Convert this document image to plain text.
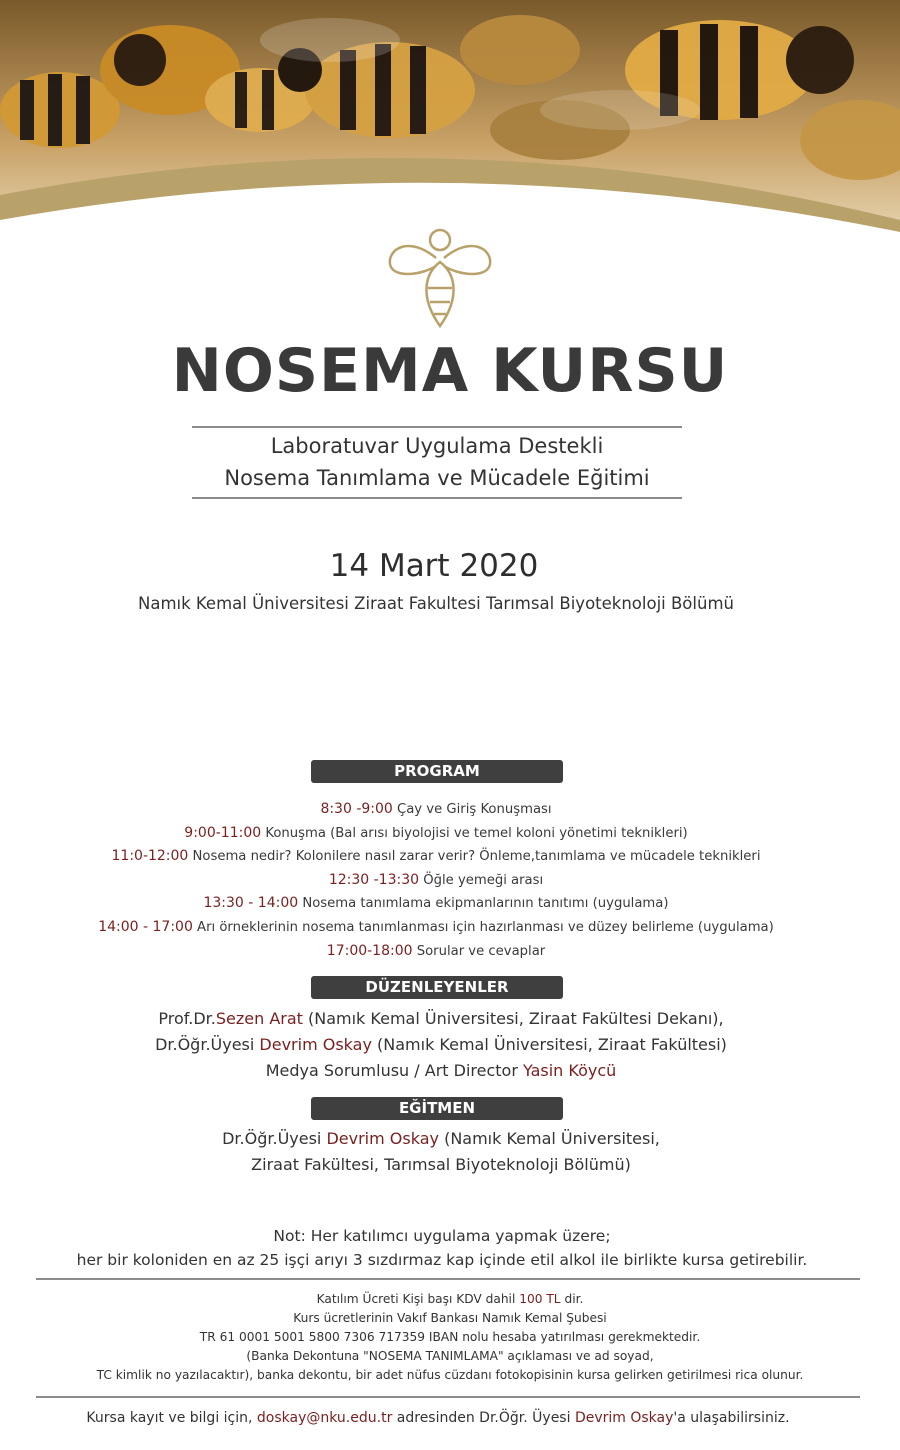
NOSEMA KURSU
Laboratuvar Uygulama Destekli
Nosema Tanımlama ve Mücadele Eğitimi
14 Mart 2020
Namık Kemal Üniversitesi Ziraat Fakultesi Tarımsal Biyoteknoloji Bölümü
PROGRAM
8:30 -9:00 Çay ve Giriş Konuşması
9:00-11:00 Konuşma (Bal arısı biyolojisi ve temel koloni yönetimi teknikleri)
11:0-12:00 Nosema nedir? Kolonilere nasıl zarar verir? Önleme,tanımlama ve mücadele teknikleri
12:30 -13:30 Öğle yemeği arası
13:30 - 14:00 Nosema tanımlama ekipmanlarının tanıtımı (uygulama)
14:00 - 17:00 Arı örneklerinin nosema tanımlanması için hazırlanması ve düzey belirleme (uygulama)
17:00-18:00 Sorular ve cevaplar
DÜZENLEYENLER
Prof.Dr.Sezen Arat (Namık Kemal Üniversitesi, Ziraat Fakültesi Dekanı),
Dr.Öğr.Üyesi Devrim Oskay (Namık Kemal Üniversitesi, Ziraat Fakültesi)
Medya Sorumlusu / Art Director Yasin Köycü
EĞİTMEN
Dr.Öğr.Üyesi Devrim Oskay (Namık Kemal Üniversitesi,
Ziraat Fakültesi, Tarımsal Biyoteknoloji Bölümü)
Not: Her katılımcı uygulama yapmak üzere;
her bir koloniden en az 25 işçi arıyı 3 sızdırmaz kap içinde etil alkol ile birlikte kursa getirebilir.
Katılım Ücreti Kişi başı KDV dahil 100 TL dir.
Kurs ücretlerinin Vakıf Bankası Namık Kemal Şubesi
TR 61 0001 5001 5800 7306 717359 IBAN nolu hesaba yatırılması gerekmektedir.
(Banka Dekontuna "NOSEMA TANIMLAMA" açıklaması ve ad soyad,
TC kimlik no yazılacaktır), banka dekontu, bir adet nüfus cüzdanı fotokopisinin kursa gelirken getirilmesi rica olunur.
Kursa kayıt ve bilgi için, doskay@nku.edu.tr adresinden Dr.Öğr. Üyesi Devrim Oskay'a ulaşabilirsiniz.
